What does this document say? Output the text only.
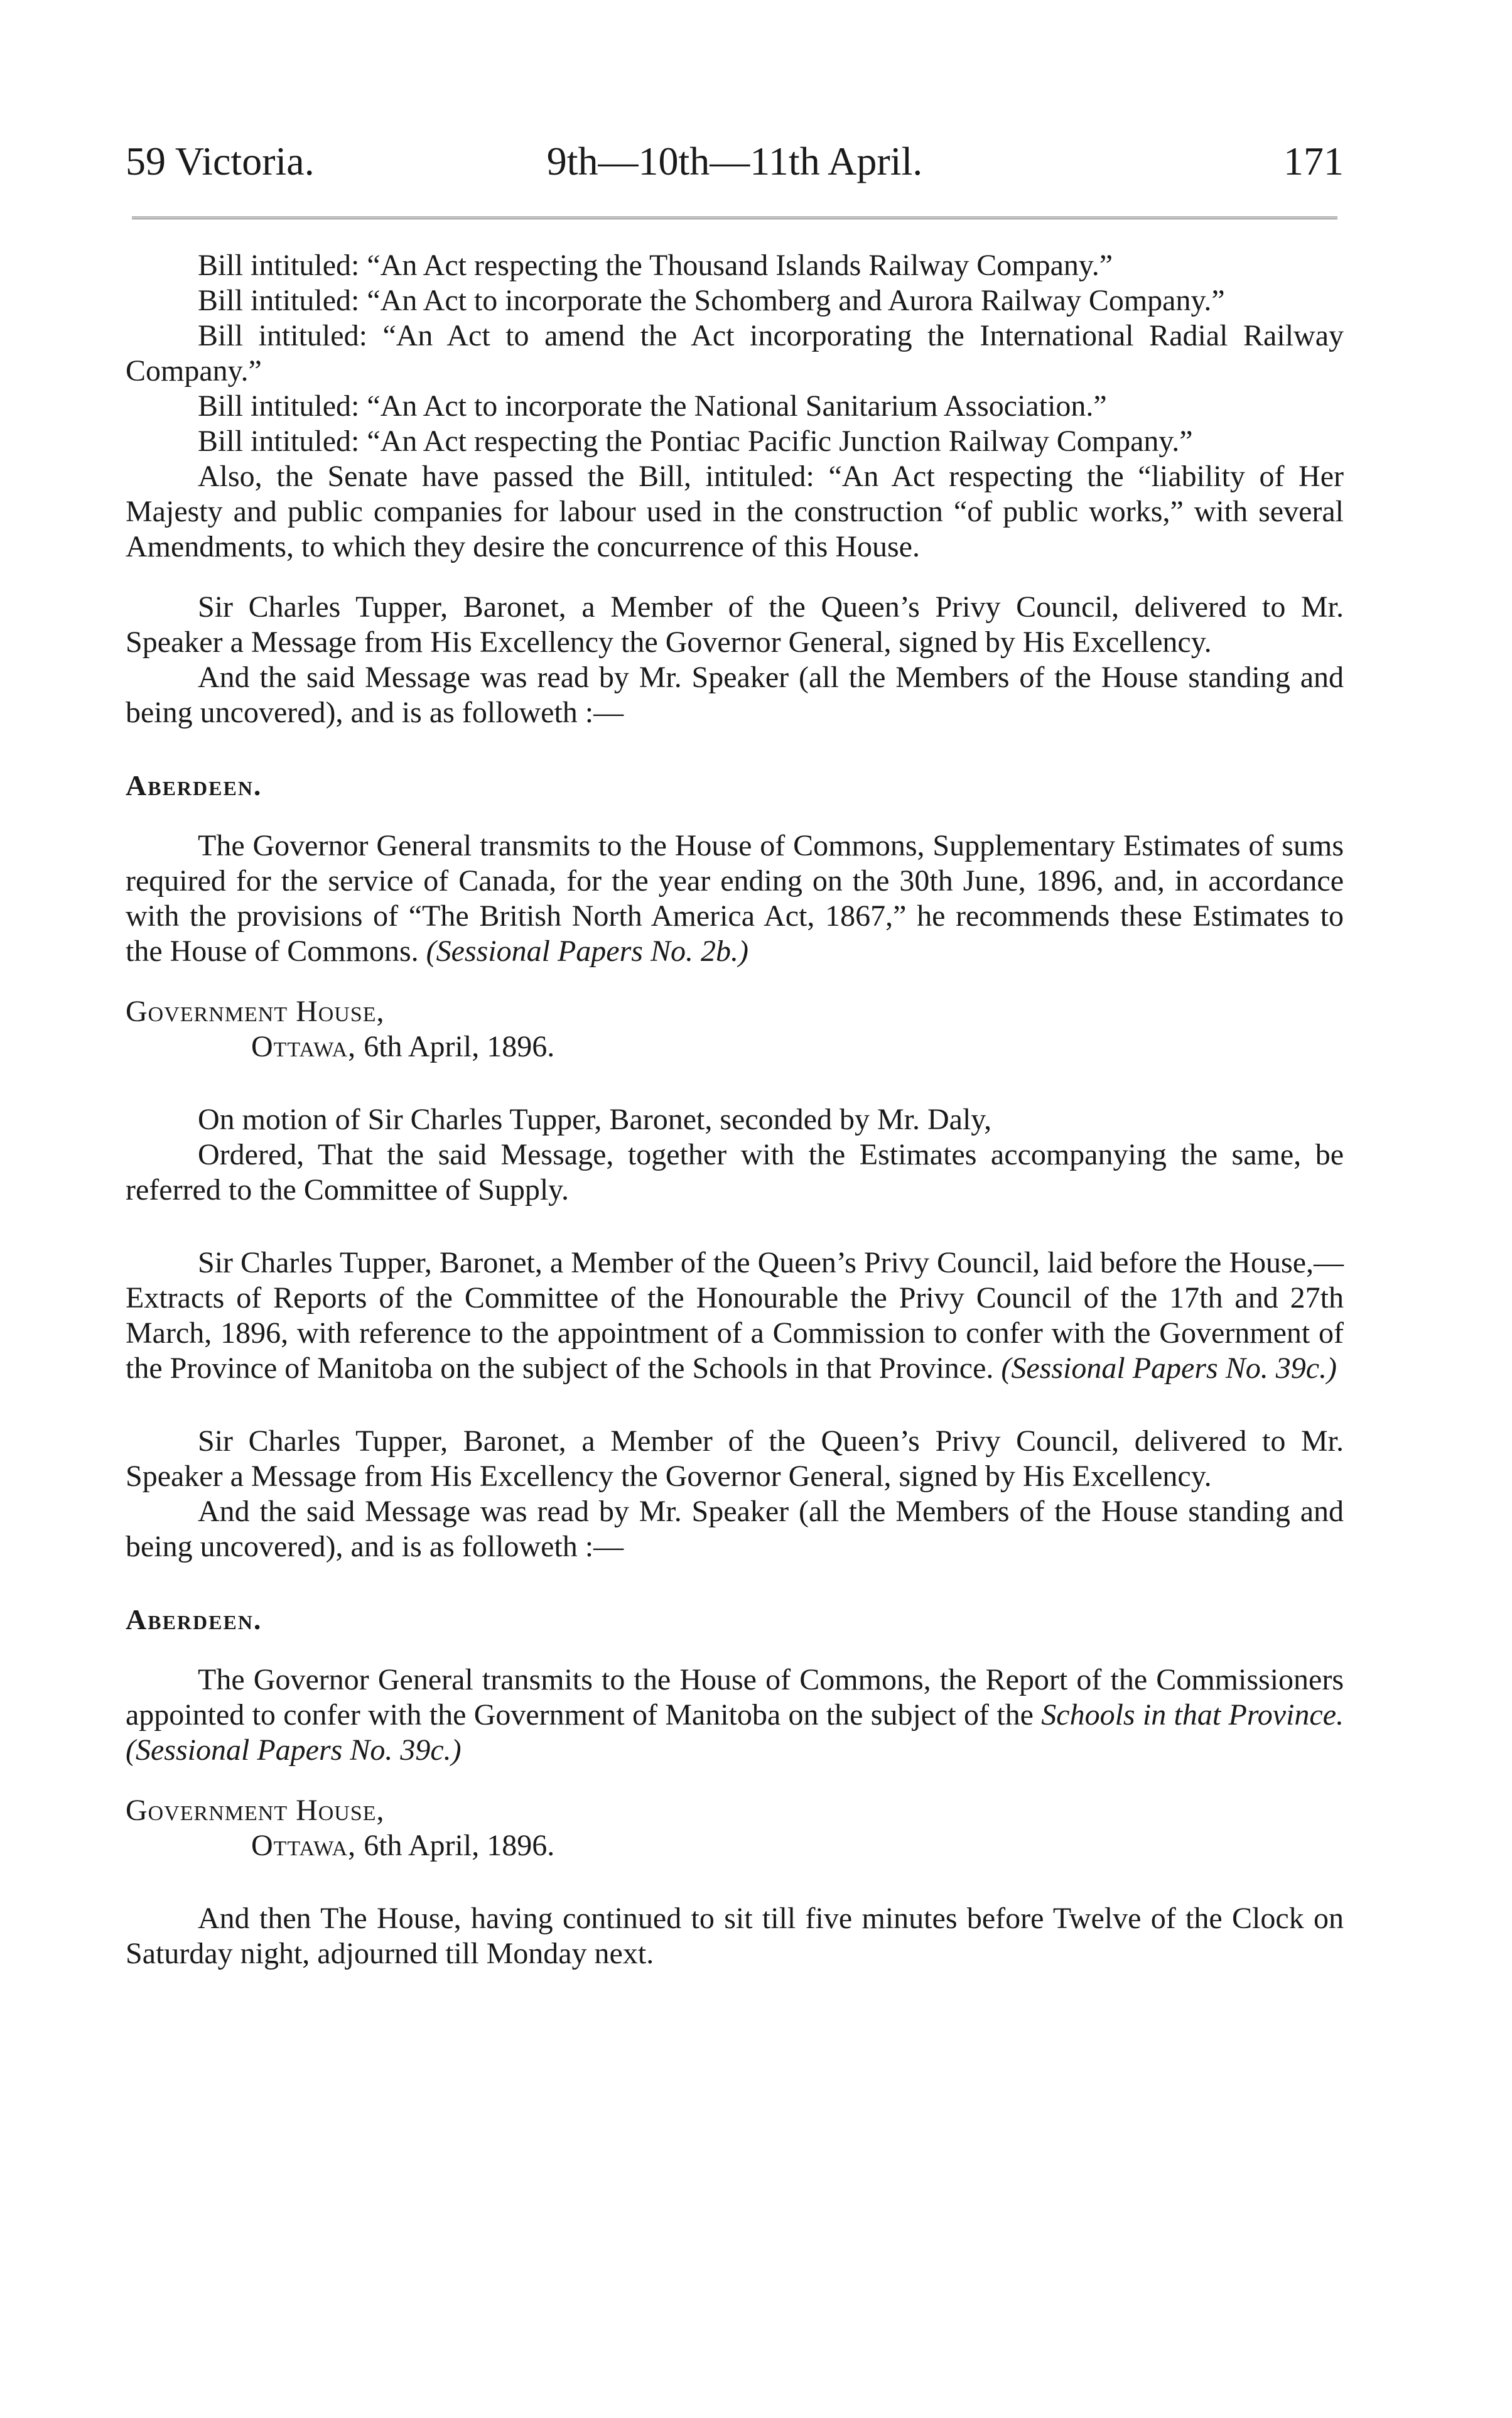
59 Victoria.	9th—10th—11th April.	171

Bill intituled: “An Act respecting the Thousand Islands Railway Company.”

Bill intituled: “An Act to incorporate the Schomberg and Aurora Railway Company.”

Bill intituled: “An Act to amend the Act incorporating the International Radial Railway Company.”

Bill intituled: “An Act to incorporate the National Sanitarium Association.”

Bill intituled: “An Act respecting the Pontiac Pacific Junction Railway Company.”

Also, the Senate have passed the Bill, intituled: “An Act respecting the “liability of Her Majesty and public companies for labour used in the construction “of public works,” with several Amendments, to which they desire the concurrence of this House.

Sir Charles Tupper, Baronet, a Member of the Queen’s Privy Council, delivered to Mr. Speaker a Message from His Excellency the Governor General, signed by His Excellency.

And the said Message was read by Mr. Speaker (all the Members of the House standing and being uncovered), and is as followeth :—

Aberdeen.

The Governor General transmits to the House of Commons, Supplementary Estimates of sums required for the service of Canada, for the year ending on the 30th June, 1896, and, in accordance with the provisions of “The British North America Act, 1867,” he recommends these Estimates to the House of Commons. (Sessional Papers No. 2b.)

Government House,

Ottawa, 6th April, 1896.

On motion of Sir Charles Tupper, Baronet, seconded by Mr. Daly,

Ordered, That the said Message, together with the Estimates accompanying the same, be referred to the Committee of Supply.

Sir Charles Tupper, Baronet, a Member of the Queen’s Privy Council, laid before the House,—Extracts of Reports of the Committee of the Honourable the Privy Council of the 17th and 27th March, 1896, with reference to the appointment of a Commission to confer with the Government of the Province of Manitoba on the subject of the Schools in that Province. (Sessional Papers No. 39c.)

Sir Charles Tupper, Baronet, a Member of the Queen’s Privy Council, delivered to Mr. Speaker a Message from His Excellency the Governor General, signed by His Excellency.

And the said Message was read by Mr. Speaker (all the Members of the House standing and being uncovered), and is as followeth :—

Aberdeen.

The Governor General transmits to the House of Commons, the Report of the Commissioners appointed to confer with the Government of Manitoba on the subject of the Schools in that Province. (Sessional Papers No. 39c.)

Government House,

Ottawa, 6th April, 1896.

And then The House, having continued to sit till five minutes before Twelve of the Clock on Saturday night, adjourned till Monday next.
